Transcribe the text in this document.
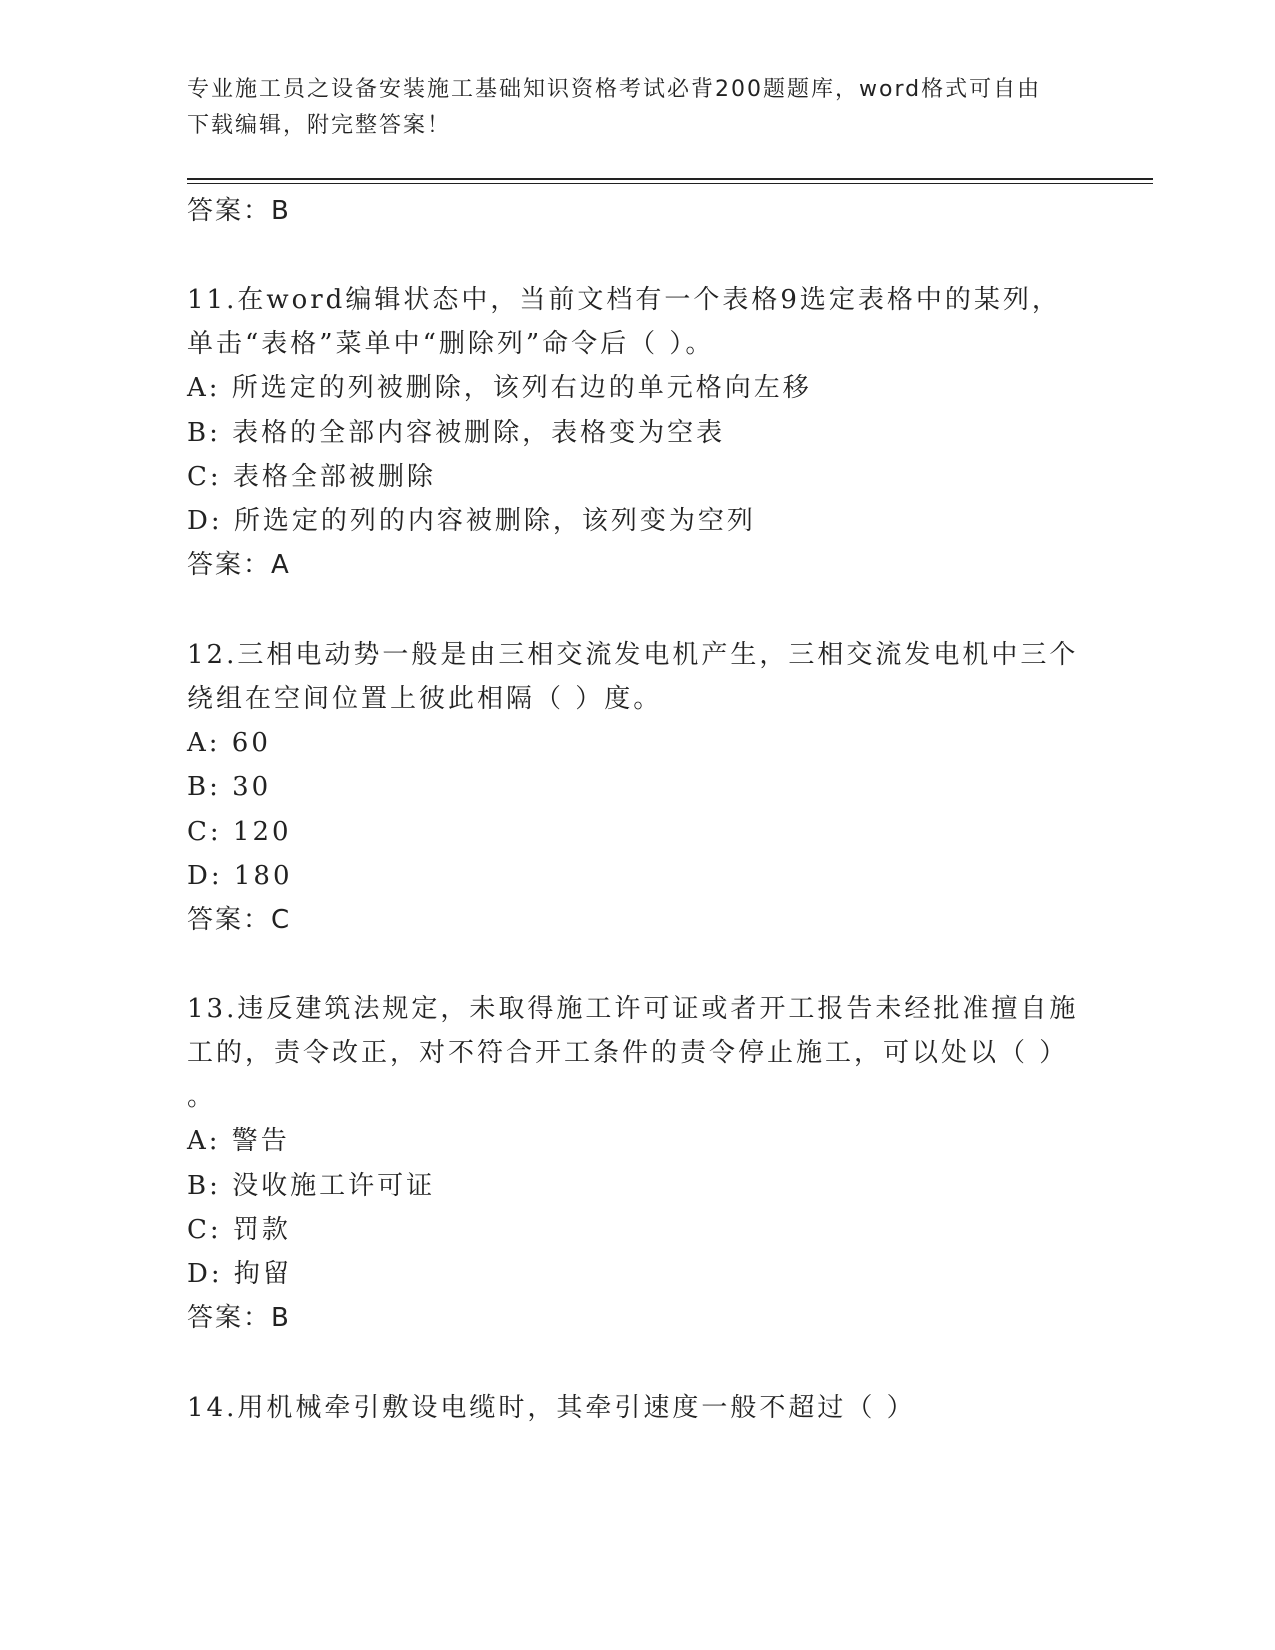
专业施工员之设备安装施工基础知识资格考试必背200题题库，word格式可自由
下载编辑，附完整答案！
答案：B
11.在word编辑状态中，当前文档有一个表格9选定表格中的某列，
单击“表格”菜单中“删除列”命令后（ ）。
A: 所选定的列被删除，该列右边的单元格向左移
B: 表格的全部内容被删除，表格变为空表
C: 表格全部被删除
D: 所选定的列的内容被删除，该列变为空列
答案：A
12.三相电动势一般是由三相交流发电机产生，三相交流发电机中三个
绕组在空间位置上彼此相隔（ ）度。
A: 60
B: 30
C: 120
D: 180
答案：C
13.违反建筑法规定，未取得施工许可证或者开工报告未经批准擅自施
工的，责令改正，对不符合开工条件的责令停止施工，可以处以（ ）
。
A: 警告
B: 没收施工许可证
C: 罚款
D: 拘留
答案：B
14.用机械牵引敷设电缆时，其牵引速度一般不超过（ ）
